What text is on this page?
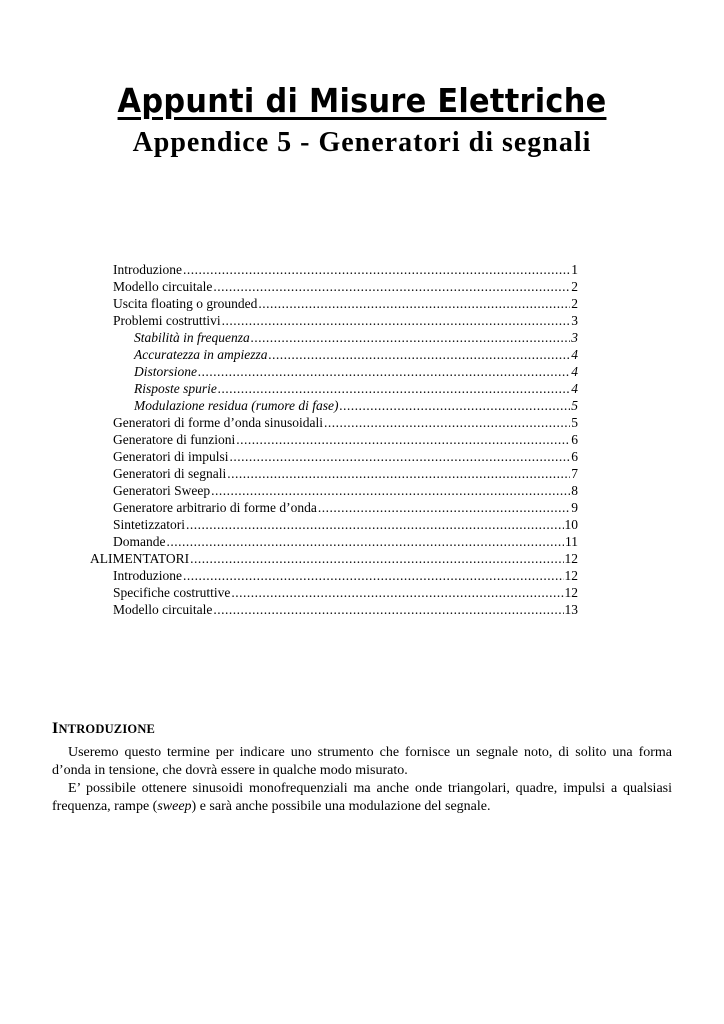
Appunti di Misure Elettriche
Appendice 5 - Generatori di segnali
Introduzione .....	1
Modello circuitale .....	2
Uscita floating o grounded .....	2
Problemi costruttivi .....	3
Stabilità in frequenza .....	3
Accuratezza in ampiezza .....	4
Distorsione .....	4
Risposte spurie .....	4
Modulazione residua (rumore di fase) .....	5
Generatori di forme d’onda sinusoidali .....	5
Generatore di funzioni .....	6
Generatori di impulsi .....	6
Generatori di segnali .....	7
Generatori Sweep .....	8
Generatore arbitrario di forme d’onda .....	9
Sintetizzatori .....	10
Domande .....	11
ALIMENTATORI .....	12
Introduzione .....	12
Specifiche costruttive .....	12
Modello circuitale .....	13
INTRODUZIONE

Useremo questo termine per indicare uno strumento che fornisce un segnale noto, di solito una forma d’onda in tensione, che dovrà essere in qualche modo misurato.

E’ possibile ottenere sinusoidi monofrequenziali ma anche onde triangolari, quadre, impulsi a qualsiasi frequenza, rampe (sweep) e sarà anche possibile una modulazione del segnale.
